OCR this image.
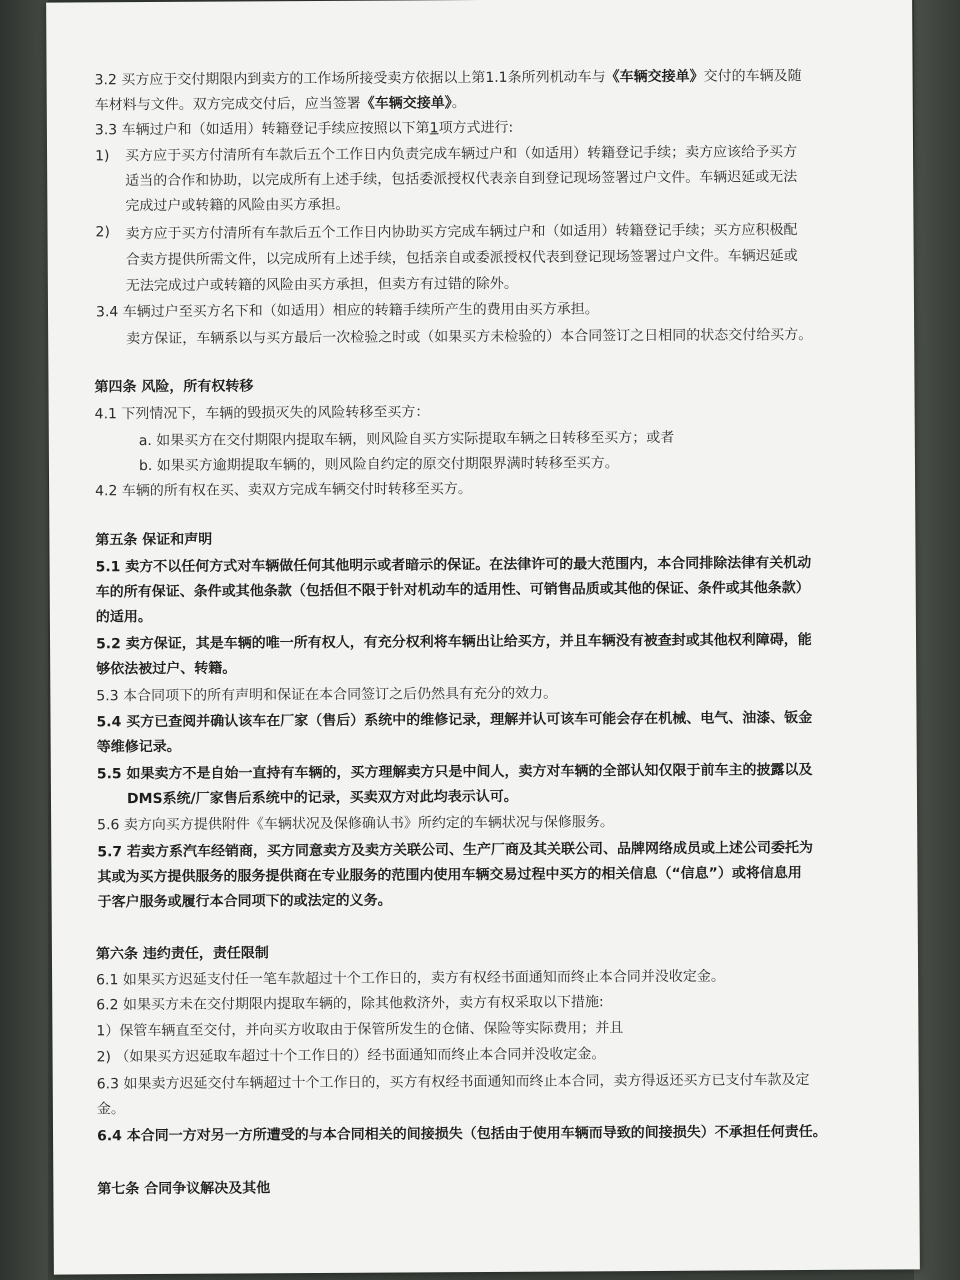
3.2 买方应于交付期限内到卖方的工作场所接受卖方依据以上第1.1条所列机动车与《车辆交接单》交付的车辆及随
车材料与文件。双方完成交付后，应当签署《车辆交接单》。
3.3 车辆过户和（如适用）转籍登记手续应按照以下第1项方式进行:
1) 买方应于买方付清所有车款后五个工作日内负责完成车辆过户和（如适用）转籍登记手续；卖方应该给予买方
适当的合作和协助，以完成所有上述手续，包括委派授权代表亲自到登记现场签署过户文件。车辆迟延或无法
完成过户或转籍的风险由买方承担。
2) 卖方应于买方付清所有车款后五个工作日内协助买方完成车辆过户和（如适用）转籍登记手续；买方应积极配
合卖方提供所需文件，以完成所有上述手续，包括亲自或委派授权代表到登记现场签署过户文件。车辆迟延或
无法完成过户或转籍的风险由买方承担，但卖方有过错的除外。
3.4 车辆过户至买方名下和（如适用）相应的转籍手续所产生的费用由买方承担。
卖方保证，车辆系以与买方最后一次检验之时或（如果买方未检验的）本合同签订之日相同的状态交付给买方。
第四条 风险，所有权转移
4.1 下列情况下，车辆的毁损灭失的风险转移至买方：
a. 如果买方在交付期限内提取车辆，则风险自买方实际提取车辆之日转移至买方；或者
b. 如果买方逾期提取车辆的，则风险自约定的原交付期限界满时转移至买方。
4.2 车辆的所有权在买、卖双方完成车辆交付时转移至买方。
第五条 保证和声明
5.1 卖方不以任何方式对车辆做任何其他明示或者暗示的保证。在法律许可的最大范围内，本合同排除法律有关机动
车的所有保证、条件或其他条款（包括但不限于针对机动车的适用性、可销售品质或其他的保证、条件或其他条款）
的适用。
5.2 卖方保证，其是车辆的唯一所有权人，有充分权利将车辆出让给买方，并且车辆没有被查封或其他权利障碍，能
够依法被过户、转籍。
5.3 本合同项下的所有声明和保证在本合同签订之后仍然具有充分的效力。
5.4 买方已查阅并确认该车在厂家（售后）系统中的维修记录，理解并认可该车可能会存在机械、电气、油漆、钣金
等维修记录。
5.5 如果卖方不是自始一直持有车辆的，买方理解卖方只是中间人，卖方对车辆的全部认知仅限于前车主的披露以及
DMS系统/厂家售后系统中的记录，买卖双方对此均表示认可。
5.6 卖方向买方提供附件《车辆状况及保修确认书》所约定的车辆状况与保修服务。
5.7 若卖方系汽车经销商，买方同意卖方及卖方关联公司、生产厂商及其关联公司、品牌网络成员或上述公司委托为
其或为买方提供服务的服务提供商在专业服务的范围内使用车辆交易过程中买方的相关信息（“信息”）或将信息用
于客户服务或履行本合同项下的或法定的义务。
第六条 违约责任，责任限制
6.1 如果买方迟延支付任一笔车款超过十个工作日的，卖方有权经书面通知而终止本合同并没收定金。
6.2 如果买方未在交付期限内提取车辆的，除其他救济外，卖方有权采取以下措施:
1）保管车辆直至交付，并向买方收取由于保管所发生的仓储、保险等实际费用；并且
2) （如果买方迟延取车超过十个工作日的）经书面通知而终止本合同并没收定金。
6.3 如果卖方迟延交付车辆超过十个工作日的，买方有权经书面通知而终止本合同，卖方得返还买方已支付车款及定
金。
6.4 本合同一方对另一方所遭受的与本合同相关的间接损失（包括由于使用车辆而导致的间接损失）不承担任何责任。
第七条 合同争议解决及其他
